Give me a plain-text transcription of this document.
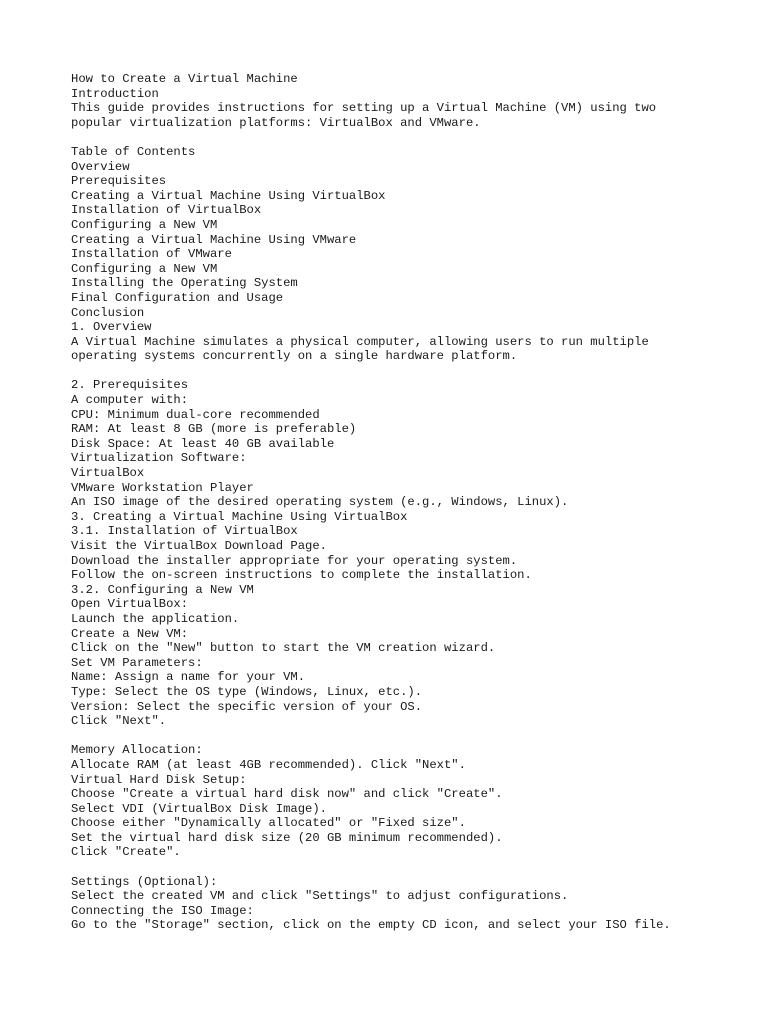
How to Create a Virtual Machine
Introduction
This guide provides instructions for setting up a Virtual Machine (VM) using two
popular virtualization platforms: VirtualBox and VMware.
Table of Contents
Overview
Prerequisites
Creating a Virtual Machine Using VirtualBox
Installation of VirtualBox
Configuring a New VM
Creating a Virtual Machine Using VMware
Installation of VMware
Configuring a New VM
Installing the Operating System
Final Configuration and Usage
Conclusion
1. Overview
A Virtual Machine simulates a physical computer, allowing users to run multiple
operating systems concurrently on a single hardware platform.
2. Prerequisites
A computer with:
CPU: Minimum dual-core recommended
RAM: At least 8 GB (more is preferable)
Disk Space: At least 40 GB available
Virtualization Software:
VirtualBox
VMware Workstation Player
An ISO image of the desired operating system (e.g., Windows, Linux).
3. Creating a Virtual Machine Using VirtualBox
3.1. Installation of VirtualBox
Visit the VirtualBox Download Page.
Download the installer appropriate for your operating system.
Follow the on-screen instructions to complete the installation.
3.2. Configuring a New VM
Open VirtualBox:
Launch the application.
Create a New VM:
Click on the "New" button to start the VM creation wizard.
Set VM Parameters:
Name: Assign a name for your VM.
Type: Select the OS type (Windows, Linux, etc.).
Version: Select the specific version of your OS.
Click "Next".
Memory Allocation:
Allocate RAM (at least 4GB recommended). Click "Next".
Virtual Hard Disk Setup:
Choose "Create a virtual hard disk now" and click "Create".
Select VDI (VirtualBox Disk Image).
Choose either "Dynamically allocated" or "Fixed size".
Set the virtual hard disk size (20 GB minimum recommended).
Click "Create".
Settings (Optional):
Select the created VM and click "Settings" to adjust configurations.
Connecting the ISO Image:
Go to the "Storage" section, click on the empty CD icon, and select your ISO file.
